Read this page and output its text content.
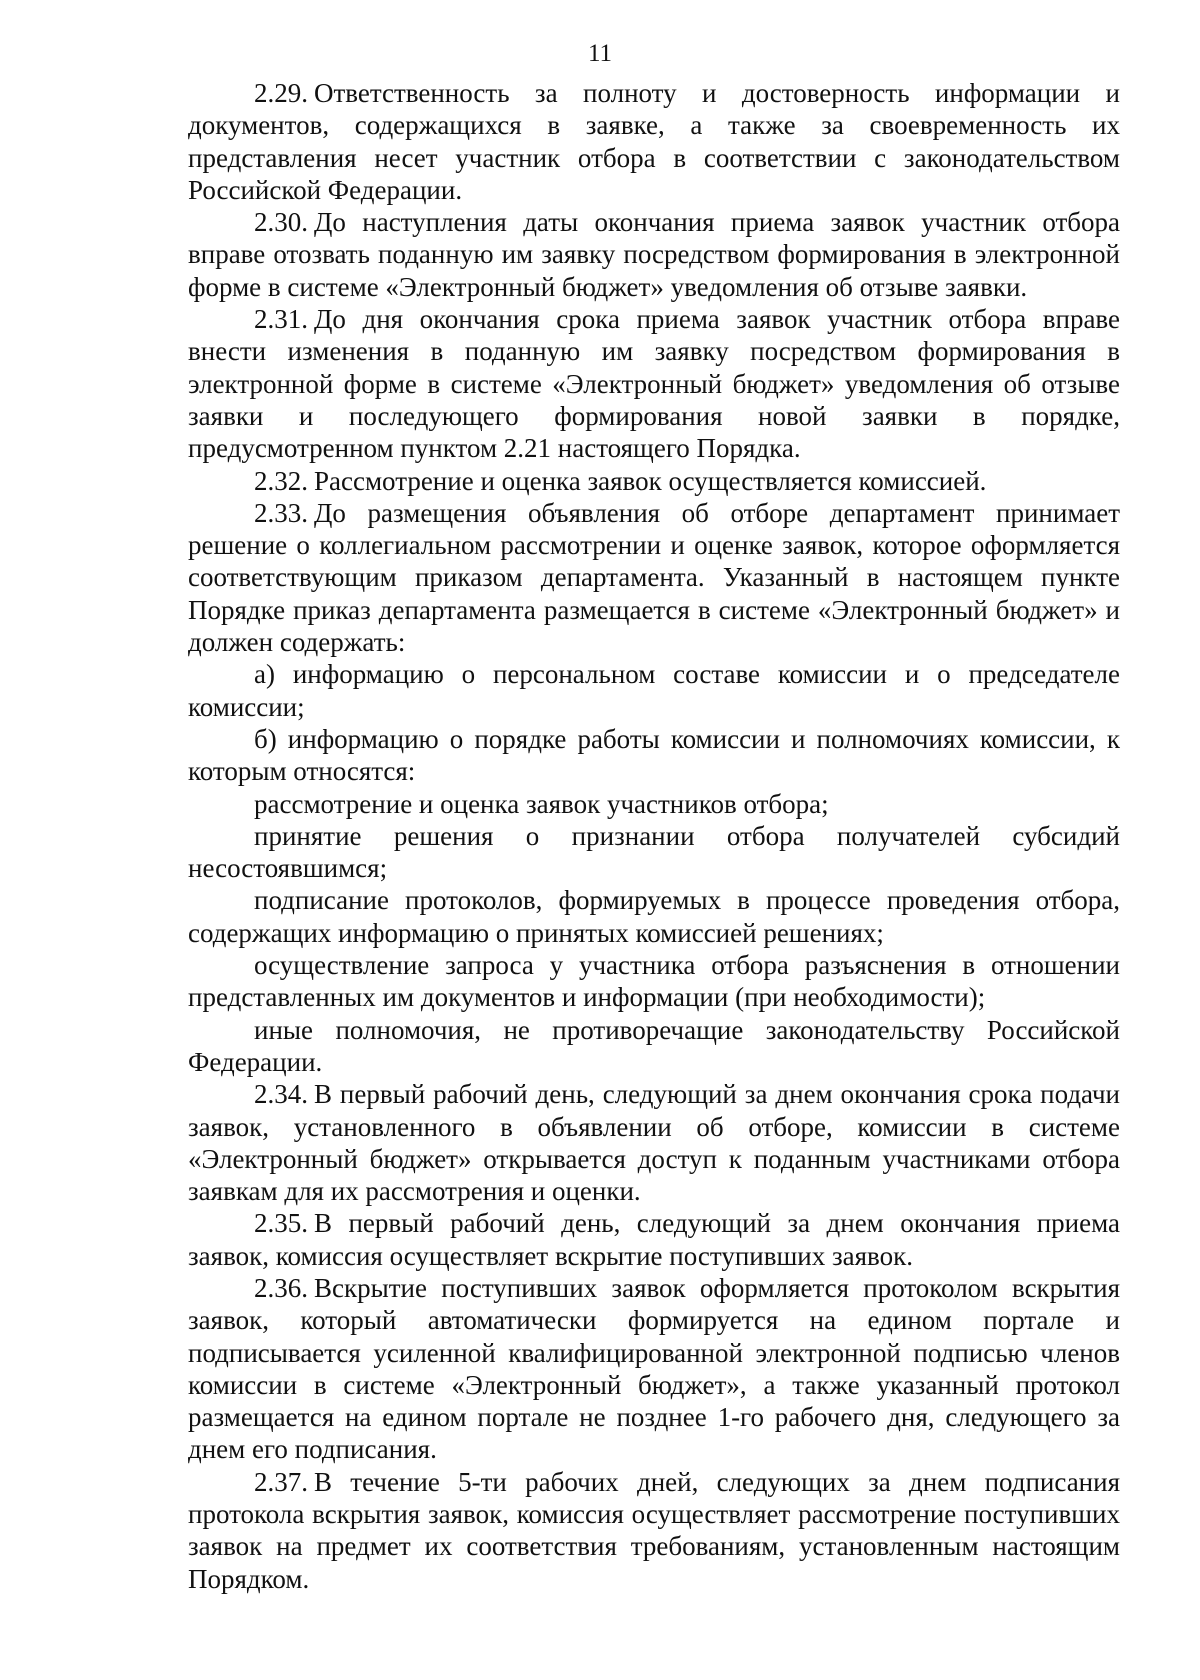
11

2.29. Ответственность за полноту и достоверность информации и документов, содержащихся в заявке, а также за своевременность их представления несет участник отбора в соответствии с законодательством Российской Федерации.

2.30. До наступления даты окончания приема заявок участник отбора вправе отозвать поданную им заявку посредством формирования в электронной форме в системе «Электронный бюджет» уведомления об отзыве заявки.

2.31. До дня окончания срока приема заявок участник отбора вправе внести изменения в поданную им заявку посредством формирования в электронной форме в системе «Электронный бюджет» уведомления об отзыве заявки и последующего формирования новой заявки в порядке, предусмотренном пунктом 2.21 настоящего Порядка.

2.32. Рассмотрение и оценка заявок осуществляется комиссией.

2.33. До размещения объявления об отборе департамент принимает решение о коллегиальном рассмотрении и оценке заявок, которое оформляется соответствующим приказом департамента. Указанный в настоящем пункте Порядке приказ департамента размещается в системе «Электронный бюджет» и должен содержать:

а) информацию о персональном составе комиссии и о председателе комиссии;

б) информацию о порядке работы комиссии и полномочиях комиссии, к которым относятся:

рассмотрение и оценка заявок участников отбора;

принятие решения о признании отбора получателей субсидий несостоявшимся;

подписание протоколов, формируемых в процессе проведения отбора, содержащих информацию о принятых комиссией решениях;

осуществление запроса у участника отбора разъяснения в отношении представленных им документов и информации (при необходимости);

иные полномочия, не противоречащие законодательству Российской Федерации.

2.34. В первый рабочий день, следующий за днем окончания срока подачи заявок, установленного в объявлении об отборе, комиссии в системе «Электронный бюджет» открывается доступ к поданным участниками отбора заявкам для их рассмотрения и оценки.

2.35. В первый рабочий день, следующий за днем окончания приема заявок, комиссия осуществляет вскрытие поступивших заявок.

2.36. Вскрытие поступивших заявок оформляется протоколом вскрытия заявок, который автоматически формируется на едином портале и подписывается усиленной квалифицированной электронной подписью членов комиссии в системе «Электронный бюджет», а также указанный протокол размещается на едином портале не позднее 1-го рабочего дня, следующего за днем его подписания.

2.37. В течение 5-ти рабочих дней, следующих за днем подписания протокола вскрытия заявок, комиссия осуществляет рассмотрение поступивших заявок на предмет их соответствия требованиям, установленным настоящим Порядком.
